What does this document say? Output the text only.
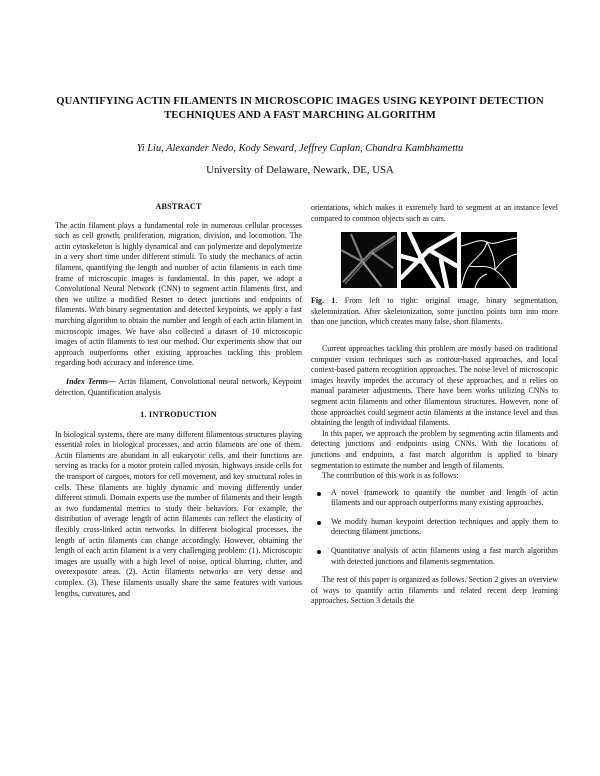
QUANTIFYING ACTIN FILAMENTS IN MICROSCOPIC IMAGES USING KEYPOINT DETECTION TECHNIQUES AND A FAST MARCHING ALGORITHM
Yi Liu, Alexander Nedo, Kody Seward, Jeffrey Caplan, Chandra Kambhamettu
University of Delaware, Newark, DE, USA
ABSTRACT

The actin filament plays a fundamental role in numerous cellular processes such as cell growth, proliferation, migration, division, and locomotion. The actin cytoskeleton is highly dynamical and can polymerize and depolymerize in a very short time under different stimuli. To study the mechanics of actin filament, quantifying the length and number of actin filaments in each time frame of microscopic images is fundamental. In this paper, we adopt a Convolutional Neural Network (CNN) to segment actin filaments first, and then we utilize a modified Resnet to detect junctions and endpoints of filaments. With binary segmentation and detected keypoints, we apply a fast marching algorithm to obtain the number and length of each actin filament in microscopic images. We have also collected a dataset of 10 microscopic images of actin filaments to test our method. Our experiments show that our approach outperforms other existing approaches tackling this problem regarding both accuracy and inference time.

Index Terms— Actin filament, Convolutional neural network, Keypoint detection, Quantification analysis

1. INTRODUCTION

In biological systems, there are many different filamentous structures playing essential roles in biological processes, and actin filaments are one of them. Actin filaments are abundant in all eukaryotic cells, and their functions are serving as tracks for a motor protein called myosin, highways inside cells for the transport of cargoes, motors for cell movement, and key structural roles in cells. These filaments are highly dynamic and moving differently under different stimuli. Domain experts use the number of filaments and their length as two fundamental metrics to study their behaviors. For example, the distribution of average length of actin filaments can reflect the elasticity of flexibly cross-linked actin networks. In different biological processes, the length of actin filaments can change accordingly. However, obtaining the length of each actin filament is a very challenging problem: (1). Microscopic images are usually with a high level of noise, optical blurring, clutter, and overexposure areas. (2). Actin filaments networks are very dense and complex. (3). These filaments usually share the same features with various lengths, curvatures, and

orientations, which makes it extremely hard to segment at an instance level compared to common objects such as cars.

Fig. 1. From left to right: original image, binary segmentation, skeletonization. After skeletonization, some junction points turn into more than one junction, which creates many false, short filaments.

Current approaches tackling this problem are mostly based on traditional computer vision techniques such as contour-based approaches, and local context-based pattern recognition approaches. The noise level of microscopic images heavily impedes the accuracy of these approaches, and it relies on manual parameter adjustments. There have been works utilizing CNNs to segment actin filaments and other filamentous structures. However, none of those approaches could segment actin filaments at the instance level and thus obtaining the length of individual filaments.

In this paper, we approach the problem by segmenting actin filaments and detecting junctions and endpoints using CNNs. With the locations of junctions and endpoints, a fast march algorithm is applied to binary segmentation to estimate the number and length of filaments.

The contribution of this work is as follows:

A novel framework to quantify the number and length of actin filaments and our approach outperforms many existing approaches.
We modify human keypoint detection techniques and apply them to detecting filament junctions.
Quantitative analysis of actin filaments using a fast march algorithm with detected junctions and filaments segmentation.

The rest of this paper is organized as follows. Section 2 gives an overview of ways to quantify actin filaments and related recent deep learning approaches. Section 3 details the
